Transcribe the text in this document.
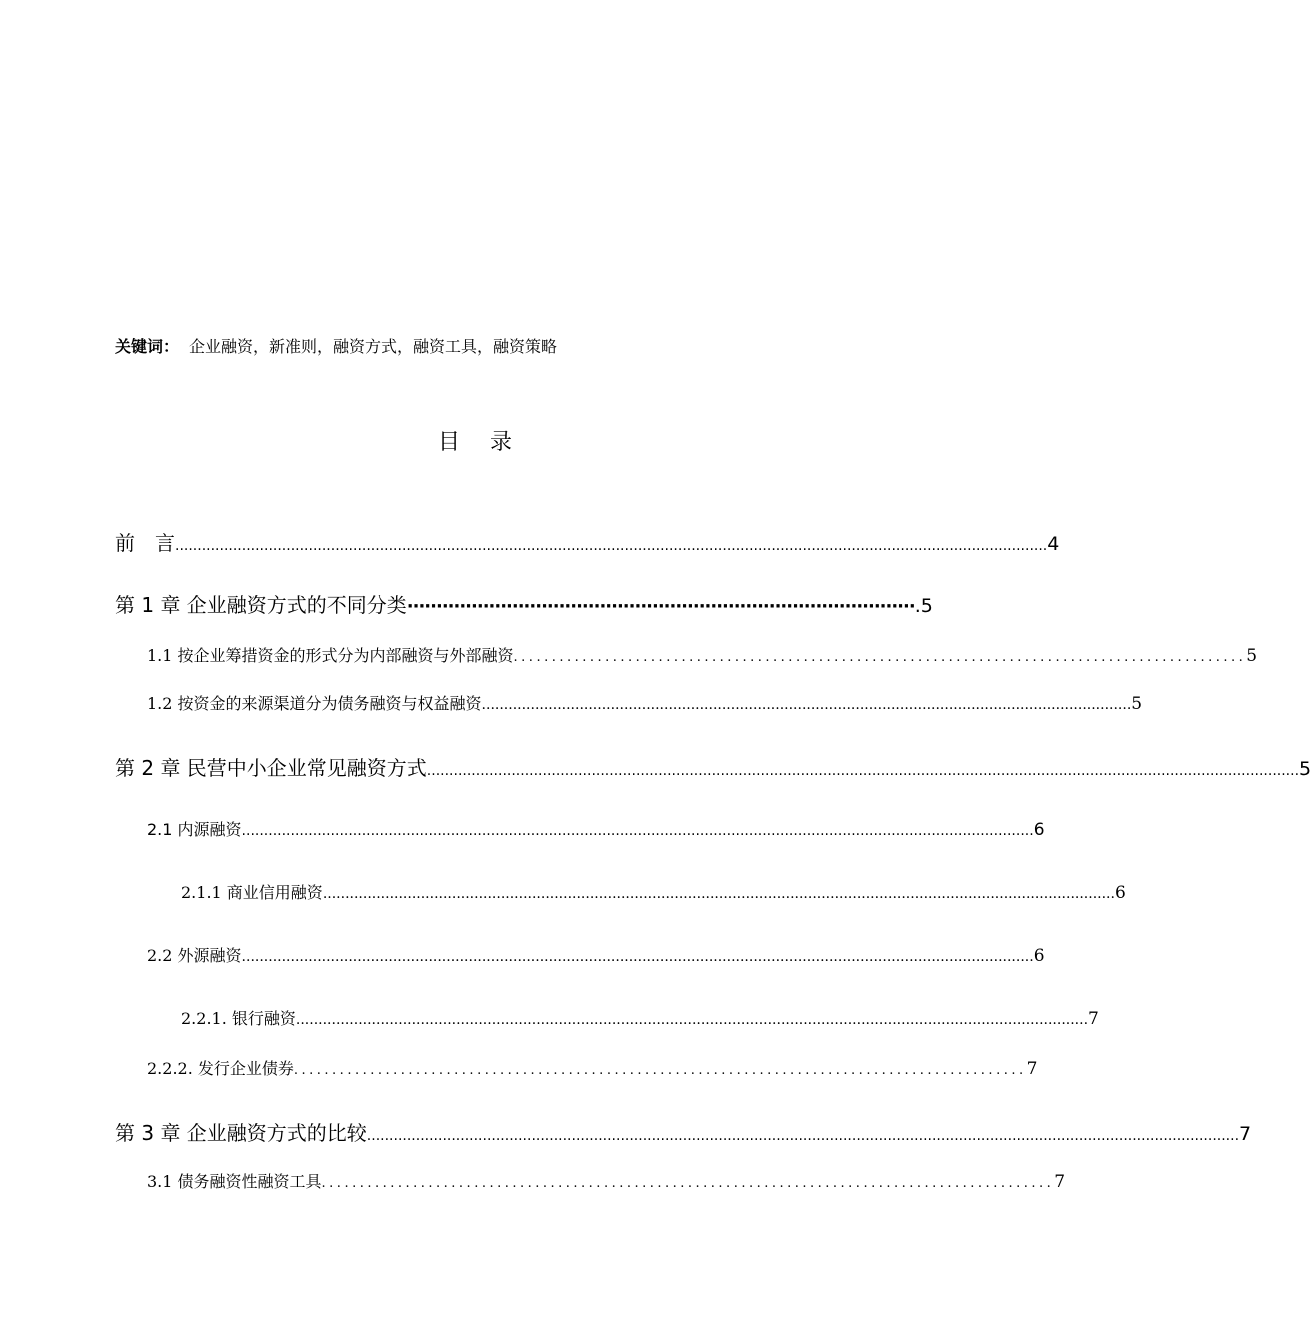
关键词： 企业融资，新准则，融资方式，融资工具，融资策略
目 录
前　言 .................................................................................................................................................................................................... 4
第 1 章 企业融资方式的不同分类 ······················································································· .5
1.1 按企业筹措资金的形式分为内部融资与外部融资 ................................................................................................ 5
1.2 按资金的来源渠道分为债务融资与权益融资 .................................................................................................................................................. 5
第 2 章 民营中小企业常见融资方式 .................................................................................................................................................................................................... 5
2.1 内源融资 .................................................................................................................................................................................. 6
2.1.1 商业信用融资 .................................................................................................................................................................................. 6
2.2 外源融资 .................................................................................................................................................................................. 6
2.2.1. 银行融资 .................................................................................................................................................................................. 7
2.2.2. 发行企业债券 ................................................................................................ 7
第 3 章 企业融资方式的比较 .................................................................................................................................................................................................... 7
3.1 债务融资性融资工具 ................................................................................................ 7
